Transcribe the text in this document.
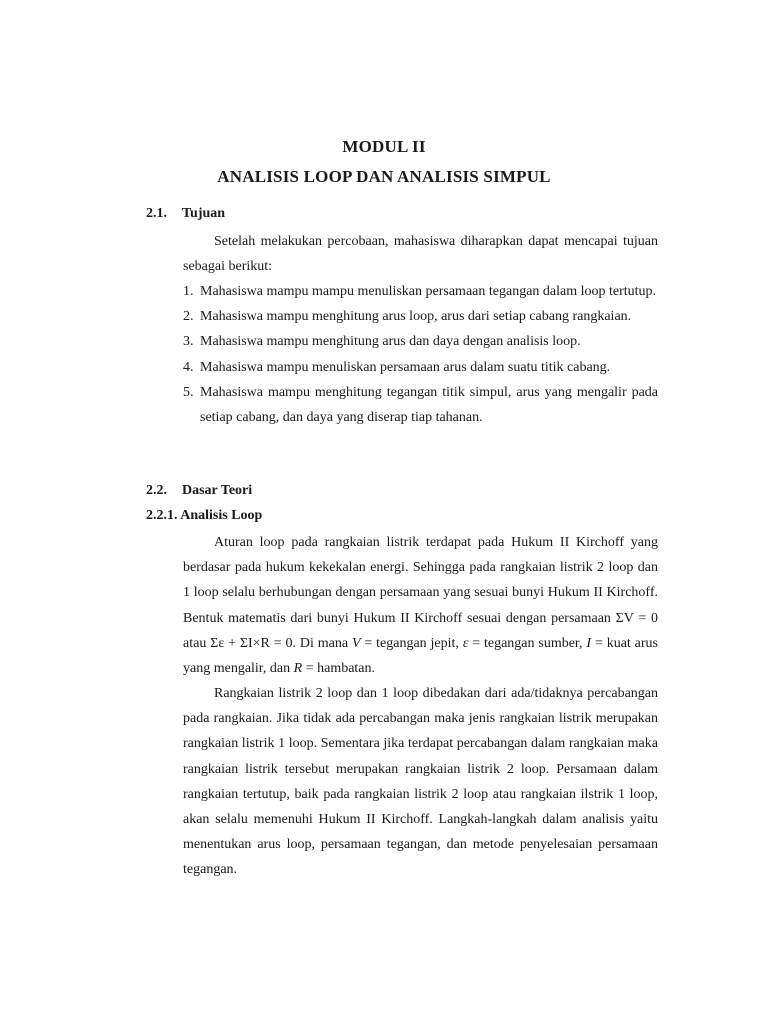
MODUL II
ANALISIS LOOP DAN ANALISIS SIMPUL
2.1. Tujuan

Setelah melakukan percobaan, mahasiswa diharapkan dapat mencapai tujuan sebagai berikut:

1. Mahasiswa mampu mampu menuliskan persamaan tegangan dalam loop tertutup.
2. Mahasiswa mampu menghitung arus loop, arus dari setiap cabang rangkaian.
3. Mahasiswa mampu menghitung arus dan daya dengan analisis loop.
4. Mahasiswa mampu menuliskan persamaan arus dalam suatu titik cabang.
5. Mahasiswa mampu menghitung tegangan titik simpul, arus yang mengalir pada setiap cabang, dan daya yang diserap tiap tahanan.
2.2. Dasar Teori
2.2.1. Analisis Loop

Aturan loop pada rangkaian listrik terdapat pada Hukum II Kirchoff yang berdasar pada hukum kekekalan energi. Sehingga pada rangkaian listrik 2 loop dan 1 loop selalu berhubungan dengan persamaan yang sesuai bunyi Hukum II Kirchoff. Bentuk matematis dari bunyi Hukum II Kirchoff sesuai dengan persamaan ΣV = 0 atau Σε + ΣI×R = 0. Di mana V = tegangan jepit, ε = tegangan sumber, I = kuat arus yang mengalir, dan R = hambatan.

Rangkaian listrik 2 loop dan 1 loop dibedakan dari ada/tidaknya percabangan pada rangkaian. Jika tidak ada percabangan maka jenis rangkaian listrik merupakan rangkaian listrik 1 loop. Sementara jika terdapat percabangan dalam rangkaian maka rangkaian listrik tersebut merupakan rangkaian listrik 2 loop. Persamaan dalam rangkaian tertutup, baik pada rangkaian listrik 2 loop atau rangkaian ilstrik 1 loop, akan selalu memenuhi Hukum II Kirchoff. Langkah-langkah dalam analisis yaitu menentukan arus loop, persamaan tegangan, dan metode penyelesaian persamaan tegangan.
